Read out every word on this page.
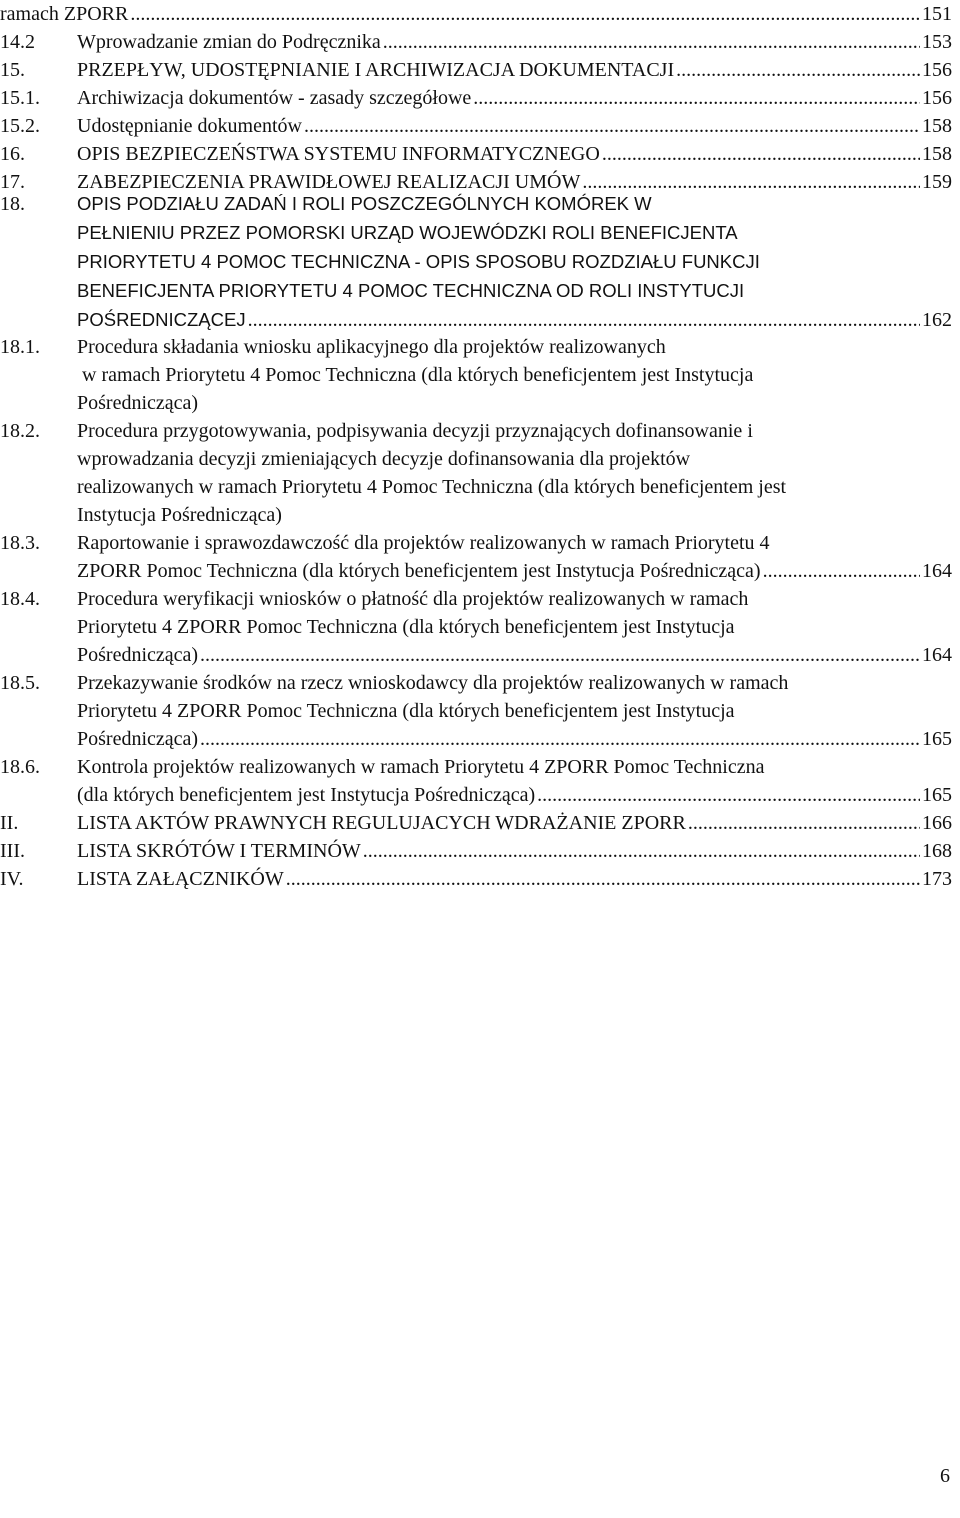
ramach ZPORR .....	151
14.2 Wprowadzanie zmian do Podręcznika .....	153
15.	PRZEPŁYW, UDOSTĘPNIANIE I ARCHIWIZACJA DOKUMENTACJI .....	156
15.1. Archiwizacja dokumentów - zasady szczegółowe .....	156
15.2. Udostępnianie dokumentów .....	158
16.	OPIS BEZPIECZEŃSTWA SYSTEMU INFORMATYCZNEGO .....	158
17.	ZABEZPIECZENIA PRAWIDŁOWEJ REALIZACJI UMÓW .....	159
18.	OPIS PODZIAŁU ZADAŃ I ROLI POSZCZEGÓLNYCH KOMÓREK W
PEŁNIENIU PRZEZ POMORSKI URZĄD WOJEWÓDZKI ROLI BENEFICJENTA
PRIORYTETU 4 POMOC TECHNICZNA - OPIS SPOSOBU ROZDZIAŁU FUNKCJI
BENEFICJENTA PRIORYTETU 4 POMOC TECHNICZNA OD ROLI INSTYTUCJI
POŚREDNICZĄCEJ .....	162
18.1. Procedura składania wniosku aplikacyjnego dla projektów realizowanych
w ramach Priorytetu 4 Pomoc Techniczna (dla których beneficjentem jest Instytucja
Pośrednicząca)
18.2. Procedura przygotowywania, podpisywania decyzji przyznających dofinansowanie i
wprowadzania decyzji zmieniających decyzje dofinansowania dla projektów
realizowanych w ramach Priorytetu 4 Pomoc Techniczna (dla których beneficjentem jest
Instytucja Pośrednicząca)
18.3. Raportowanie i sprawozdawczość dla projektów realizowanych w ramach Priorytetu 4
ZPORR Pomoc Techniczna (dla których beneficjentem jest Instytucja Pośrednicząca) .....	164
18.4. Procedura weryfikacji wniosków o płatność dla projektów realizowanych w ramach
Priorytetu 4 ZPORR Pomoc Techniczna (dla których beneficjentem jest Instytucja
Pośrednicząca) .....	164
18.5. Przekazywanie środków na rzecz wnioskodawcy dla projektów realizowanych w ramach
Priorytetu 4 ZPORR Pomoc Techniczna (dla których beneficjentem jest Instytucja
Pośrednicząca) .....	165
18.6. Kontrola projektów realizowanych w ramach Priorytetu 4 ZPORR Pomoc Techniczna
(dla których beneficjentem jest Instytucja Pośrednicząca) .....	165
II.	LISTA AKTÓW PRAWNYCH REGULUJACYCH WDRAŻANIE ZPORR .....	166
III.	LISTA SKRÓTÓW I TERMINÓW .....	168
IV.	LISTA ZAŁĄCZNIKÓW .....	173
6
